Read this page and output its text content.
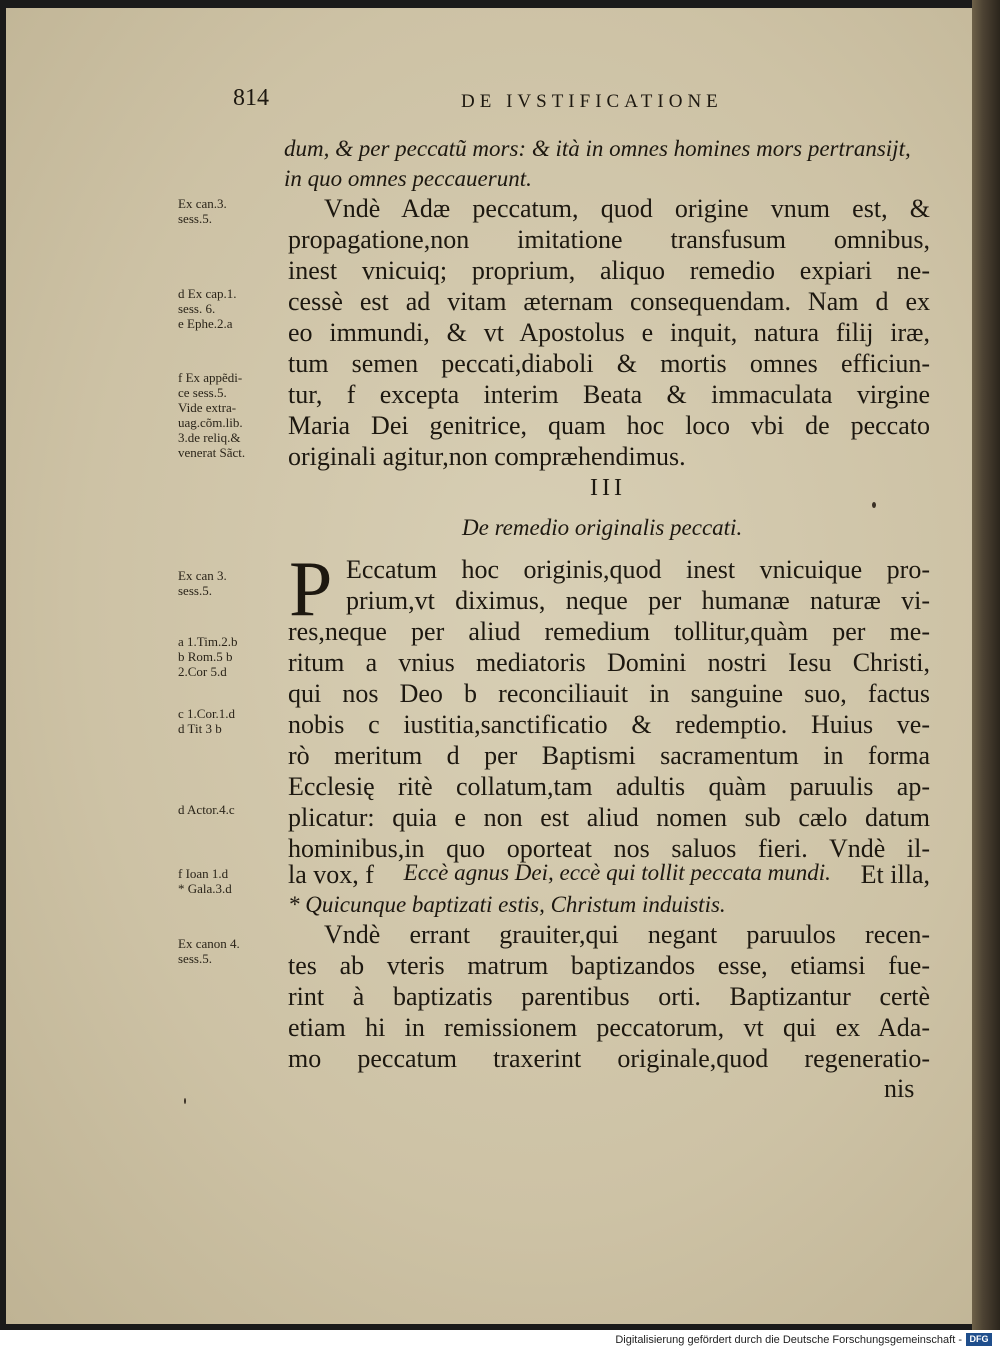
814	DE IVSTIFICATIONE
dum, & per peccatũ mors: & ità in omnes homines mors pertransijt,
in quo omnes peccauerunt.
Vndè Adæ peccatum, quod origine vnum est, &
propagatione,non imitatione transfusum omnibus,
inest vnicuiq; proprium, aliquo remedio expiari ne-
cessè est ad vitam æternam consequendam. Nam d ex
eo immundi, & vt Apostolus e inquit, natura filij iræ,
tum semen peccati,diaboli & mortis omnes efficiun-
tur, f excepta interim Beata & immaculata virgine
Maria Dei genitrice, quam hoc loco vbi de peccato
originali agitur,non compræhendimus.
III
De remedio originalis peccati.
P Eccatum hoc originis,quod inest vnicuique pro-
prium,vt diximus, neque per humanæ naturæ vi-
res,neque per aliud remedium tollitur,quàm per me-
ritum a vnius mediatoris Domini nostri Iesu Christi,
qui nos Deo b reconciliauit in sanguine suo, factus
nobis c iustitia,sanctificatio & redemptio. Huius ve-
rò meritum d per Baptismi sacramentum in forma
Ecclesię ritè collatum,tam adultis quàm paruulis ap-
plicatur: quia e non est aliud nomen sub cælo datum
hominibus,in quo oporteat nos saluos fieri. Vndè il-
la vox, f Eccè agnus Dei, eccè qui tollit peccata mundi. Et illa,
* Quicunque baptizati estis, Christum induistis.
Vndè errant grauiter,qui negant paruulos recen-
tes ab vteris matrum baptizandos esse, etiamsi fue-
rint à baptizatis parentibus orti. Baptizantur certè
etiam hi in remissionem peccatorum, vt qui ex Ada-
mo peccatum traxerint originale,quod regeneratio-
nis
Ex can.3.
sess.5.
d Ex cap.1.
sess. 6.
e Ephe.2.a
f Ex appẽdi-
ce sess.5.
Vide extra-
uag.cõm.lib.
3.de reliq.&
venerat Sãct.
Ex can 3.
sess.5.
a 1.Tim.2.b
b Rom.5 b
2.Cor 5.d
c 1.Cor.1.d
d Tit 3 b
d Actor.4.c
f Ioan 1.d
* Gala.3.d
Ex canon 4.
sess.5.
Digitalisierung gefördert durch die Deutsche Forschungsgemeinschaft - DFG
